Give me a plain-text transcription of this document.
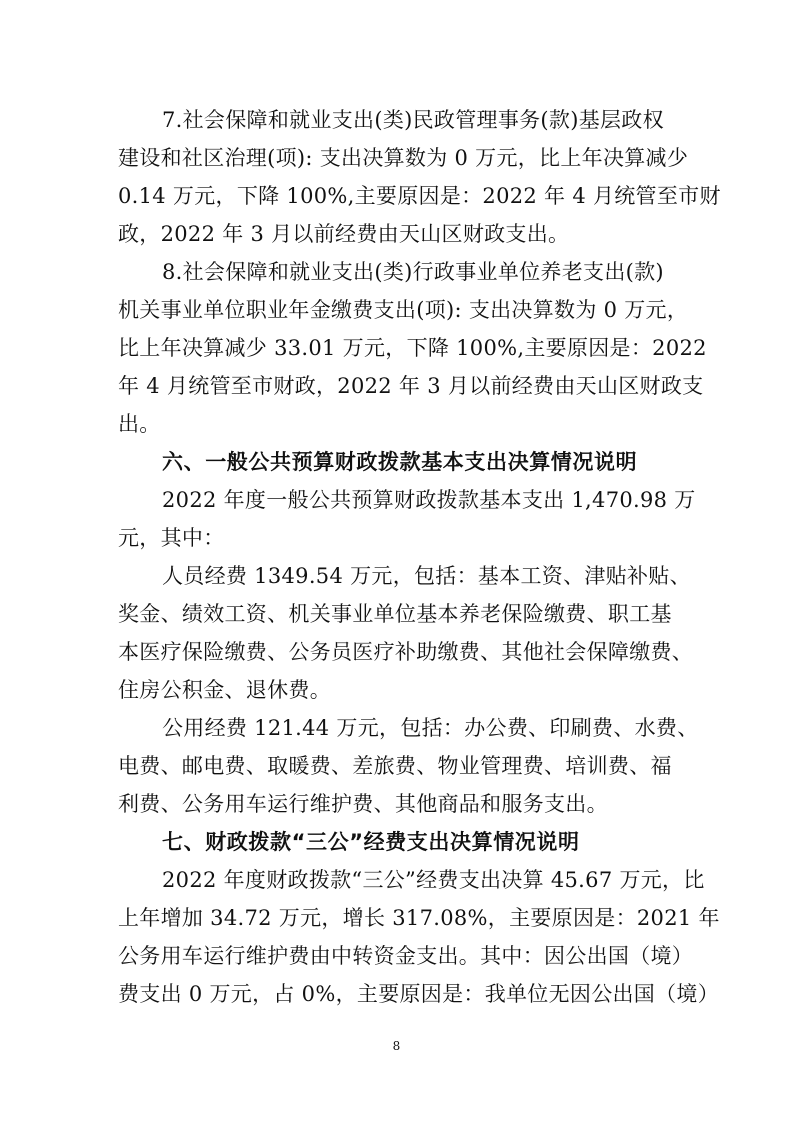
7.社会保障和就业支出(类)民政管理事务(款)基层政权
建设和社区治理(项): 支出决算数为 0 万元，比上年决算减少
0.14 万元，下降 100%,主要原因是：2022 年 4 月统管至市财
政，2022 年 3 月以前经费由天山区财政支出。
8.社会保障和就业支出(类)行政事业单位养老支出(款)
机关事业单位职业年金缴费支出(项): 支出决算数为 0 万元，
比上年决算减少 33.01 万元，下降 100%,主要原因是：2022
年 4 月统管至市财政，2022 年 3 月以前经费由天山区财政支
出。
六、一般公共预算财政拨款基本支出决算情况说明
2022 年度一般公共预算财政拨款基本支出 1,470.98 万
元，其中：
人员经费 1349.54 万元，包括：基本工资、津贴补贴、
奖金、绩效工资、机关事业单位基本养老保险缴费、职工基
本医疗保险缴费、公务员医疗补助缴费、其他社会保障缴费、
住房公积金、退休费。
公用经费 121.44 万元，包括：办公费、印刷费、水费、
电费、邮电费、取暖费、差旅费、物业管理费、培训费、福
利费、公务用车运行维护费、其他商品和服务支出。
七、财政拨款“三公”经费支出决算情况说明
2022 年度财政拨款“三公”经费支出决算 45.67 万元，比
上年增加 34.72 万元，增长 317.08%，主要原因是：2021 年
公务用车运行维护费由中转资金支出。其中：因公出国（境）
费支出 0 万元，占 0%，主要原因是：我单位无因公出国（境）
8
